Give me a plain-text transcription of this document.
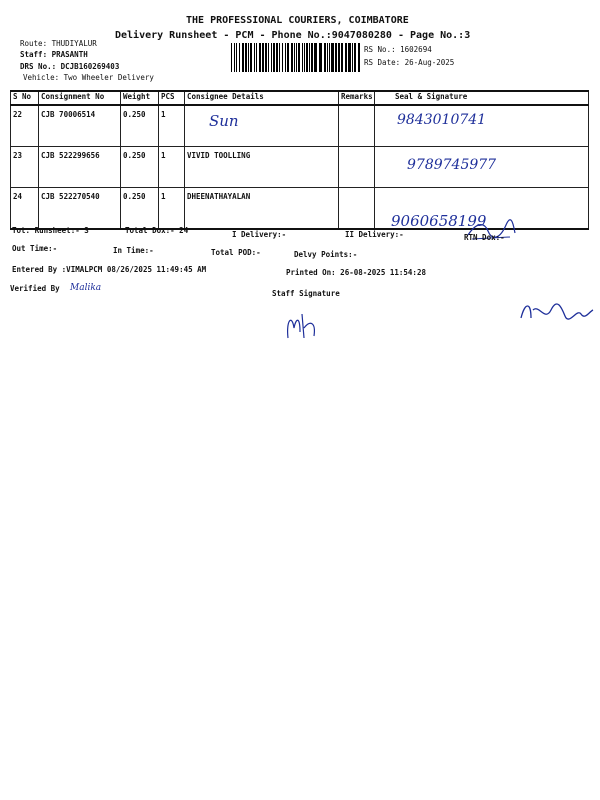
THE PROFESSIONAL COURIERS, COIMBATORE
Delivery Runsheet - PCM - Phone No.:9047080280 - Page No.:3
Route: THUDIYALUR
Staff: PRASANTH
DRS No.: DCJB160269403
Vehicle: Two Wheeler Delivery
RS No.: 1602694
RS Date: 26-Aug-2025
S No	Consignment No	Weight	PCS	Consignee Details	Remarks	Seal & Signature
22	CJB 70006514	0.250	1	Sun		9843010741

23	CJB 522299656	0.250	1	VIVID TOOLLING		9789745977
24	CJB 522270540	0.250	1	DHEENATHAYALAN		9060658199
Tot. Runsheet:- 3	Total Dox:- 24	I Delivery:-	II Delivery:-	RTN Dox:-
Out Time:-	In Time:-	Total POD:-	Delvy Points:-
Entered By :VIMALPCM 08/26/2025 11:49:45 AM	Printed On: 26-08-2025 11:54:28
Verified By Malika
Staff Signature
